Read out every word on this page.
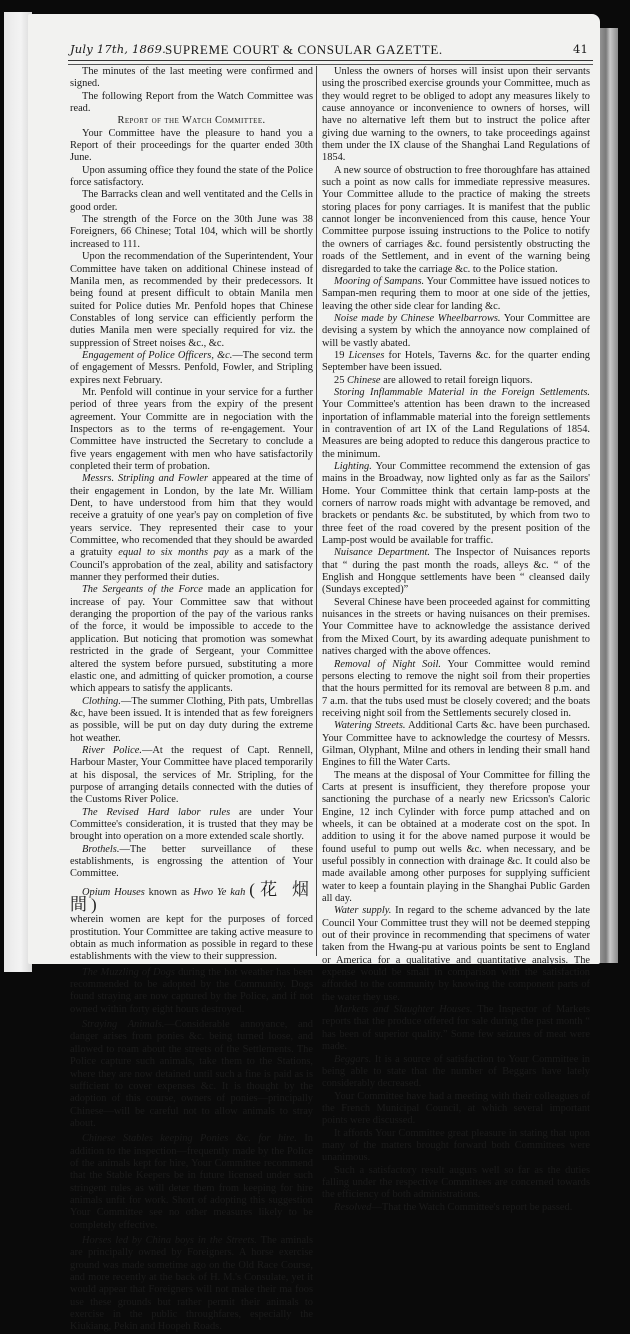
July 17th, 1869. SUPREME COURT & CONSULAR GAZETTE.	41

The minutes of the last meeting were confirmed and signed.

The following Report from the Watch Committee was read.

Report of the Watch Committee.

Your Committee have the pleasure to hand you a Report of their proceedings for the quarter ended 30th June.

Upon assuming office they found the state of the Police force satisfactory.

The Barracks clean and well ventitated and the Cells in good order.

The strength of the Force on the 30th June was 38 Foreigners, 66 Chinese; Total 104, which will be shortly increased to 111.

Upon the recommendation of the Superintendent, Your Committee have taken on additional Chinese instead of Manila men, as recommended by their predecessors. It being found at present difficult to obtain Manila men suited for Police duties Mr. Penfold hopes that Chinese Constables of long service can efficiently perform the duties Manila men were specially required for viz. the suppression of Street noises &c., &c.

Engagement of Police Officers, &c.—The second term of engagement of Messrs. Penfold, Fowler, and Stripling expires next February.

Mr. Penfold will continue in your service for a further period of three years from the expiry of the present agreement. Your Committe are in negociation with the Inspectors as to the terms of re-engagement. Your Committee have instructed the Secretary to conclude a five years engagement with men who have satisfactorily conpleted their term of probation.

Messrs. Stripling and Fowler appeared at the time of their engagement in London, by the late Mr. William Dent, to have understood from him that they would receive a gratuity of one year's pay on completion of five years service. They represented their case to your Committee, who recomended that they should be awarded a gratuity equal to six months pay as a mark of the Council's approbation of the zeal, ability and satisfactory manner they performed their duties.

The Sergeants of the Force made an application for increase of pay. Your Committee saw that without deranging the proportion of the pay of the various ranks of the force, it would be impossible to accede to the application. But noticing that promotion was somewhat restricted in the grade of Sergeant, your Committee altered the system before pursued, substituting a more elastic one, and admitting of quicker promotion, a course which appears to satisfy the applicants.

Clothing.—The summer Clothing, Pith pats, Umbrellas &c, have been issued. It is intended that as few foreigners as possible, will be put on day duty during the extreme hot weather.

River Police.—At the request of Capt. Rennell, Harbour Master, Your Committee have placed temporarily at his disposal, the services of Mr. Stripling, for the purpose of arranging details connected with the duties of the Customs River Police.

The Revised Hard labor rules are under Your Committee's consideration, it is trusted that they may be brought into operation on a more extended scale shortly.

Brothels.—The better surveillance of these establishments, is engrossing the attention of Your Committee.

Opium Houses known as Hwo Ye kah (花 烟 間)

wherein women are kept for the purposes of forced prostitution. Your Committee are taking active measure to obtain as much information as possible in regard to these establishments with the view to their suppression.

The Muzzling of Dogs during the hot weather has been recommended to be adopted by the Community. Dogs found straying are now captured by the Police, and if not owned within forty eight hours destroyed.

Straying Animals.—Considerable annoyance, and danger arises from ponies &c. being turned loose, and allowed to roam about the streets of the Settlements. The Police capture such animals, take them to the Stations, where they are now detained until such a fine is paid as is sufficient to cover expenses &c. It is thought by the adoption of this course, owners of ponies—principally Chinese—will be careful not to allow animals to stray about.

Chinese Stables keeping Ponies &c. for hire. In addition to the inspection—frequently made by the Police of the animals kept for hire, Your Committee recommend that the Stable Keepers be in future licensed under such stringent rules as will deter them from keeping for hire animals unfit for work. Short of adopting this suggestion Your Committee see no other measures likely to be completely effective.

Horses led by China boys in the Streets. The aminals are principally owned by Foreigners. A horse exercise ground was made sometime ago on the Old Race Course, and more recently at the back of H. M.'s Consulate, yet it would appear that Foreigners will not make their ma foos use these grounds but rather permit their animals to exercise in the public throughfares, especially the Kiukiang, Pekin and Hoopeh Roads.

Unless the owners of horses will insist upon their servants using the proscribed exercise grounds your Committee, much as they would regret to be obliged to adopt any measures likely to cause annoyance or inconvenience to owners of horses, will have no alternative left them but to instruct the police after giving due warning to the owners, to take proceedings against them under the IX clause of the Shanghai Land Regulations of 1854.

A new source of obstruction to free thoroughfare has attained such a point as now calls for immediate repressive measures. Your Committee allude to the practice of making the streets storing places for pony carriages. It is manifest that the public cannot longer be inconvenienced from this cause, hence Your Committee purpose issuing instructions to the Police to notify the owners of carriages &c. found persistently obstructing the roads of the Settlement, and in event of the warning being disregarded to take the carriage &c. to the Police station.

Mooring of Sampans. Your Committee have issued notices to Sampan-men requring them to moor at one side of the jetties, leaving the other side clear for landing &c.

Noise made by Chinese Wheelbarrows. Your Committee are devising a system by which the annoyance now complained of will be vastly abated.

19 Licenses for Hotels, Taverns &c. for the quarter ending September have been issued.

25 Chinese are allowed to retail foreign liquors.

Storing Inflammable Material in the Foreign Settlements. Your Committee's attention has been drawn to the increased inportation of inflammable material into the foreign settlements in contravention of art IX of the Land Regulations of 1854. Measures are being adopted to reduce this dangerous practice to the minimum.

Lighting. Your Committee recommend the extension of gas mains in the Broadway, now lighted only as far as the Sailors' Home. Your Committee think that certain lamp-posts at the corners of narrow roads might with advantage be removed, and brackets or pendants &c. be substituted, by which from two to three feet of the road covered by the present position of the Lamp-post would be available for traffic.

Nuisance Department. The Inspector of Nuisances reports that “ during the past month the roads, alleys &c. “ of the English and Hongque settlements have been “ cleansed daily (Sundays excepted)”

Several Chinese have been proceeded against for committing nuisances in the streets or having nuisances on their premises. Your Committee have to acknowledge the assistance derived from the Mixed Court, by its awarding adequate punishment to natives charged with the above offences.

Removal of Night Soil. Your Committee would remind persons electing to remove the night soil from their properties that the hours permitted for its removal are between 8 p.m. and 7 a.m. that the tubs used must be closely covered; and the boats receiving night soil from the Settlements securely closed in.

Watering Streets. Additional Carts &c. have been purchased. Your Committee have to acknowledge the courtesy of Messrs. Gilman, Olyphant, Milne and others in lending their small hand Engines to fill the Water Carts.

The means at the disposal of Your Committee for filling the Carts at present is insufficient, they therefore propose your sanctioning the purchase of a nearly new Ericsson's Caloric Engine, 12 inch Cylinder with force pump attached and on wheels, it can be obtained at a moderate cost on the spot. In addition to using it for the above named purpose it would be found useful to pump out wells &c. when necessary, and be useful possibly in connection with drainage &c. It could also be made available among other purposes for supplying sufficient water to keep a fountain playing in the Shanghai Public Garden all day.

Water supply. In regard to the scheme advanced by the late Council Your Committee trust they will not be deemed stepping out of their province in recommending that specimens of water taken from the Hwang-pu at various points be sent to England or America for a qualitative and quantitative analysis. The expense would be small in comparison with the satisfaction afforded to the community by knowing the component parts of the water they use.

Markets and Slaughter Houses. The Inspector of Markets reports that the produce offered for sale during the past month “ has been of superior quality.” Some few seizures of meat were made.

Beggars. It is a source of satisfaction to Your Committee in being able to state that the number of Beggars have lately considerably decreased.

Your Committee have had a meeting with their colleagues of the French Municipal Council, at which several important points were discussed.

It affords Your Committee great pleasure in stating that upon many of the matters brought forward both Committees were unanimous.

Such a satisfactory result augurs well so far as the duties falling under the respective Committees are concerned towards the efficiency of both administrations.

Resolved—That the Watch Committee's report be passed.
